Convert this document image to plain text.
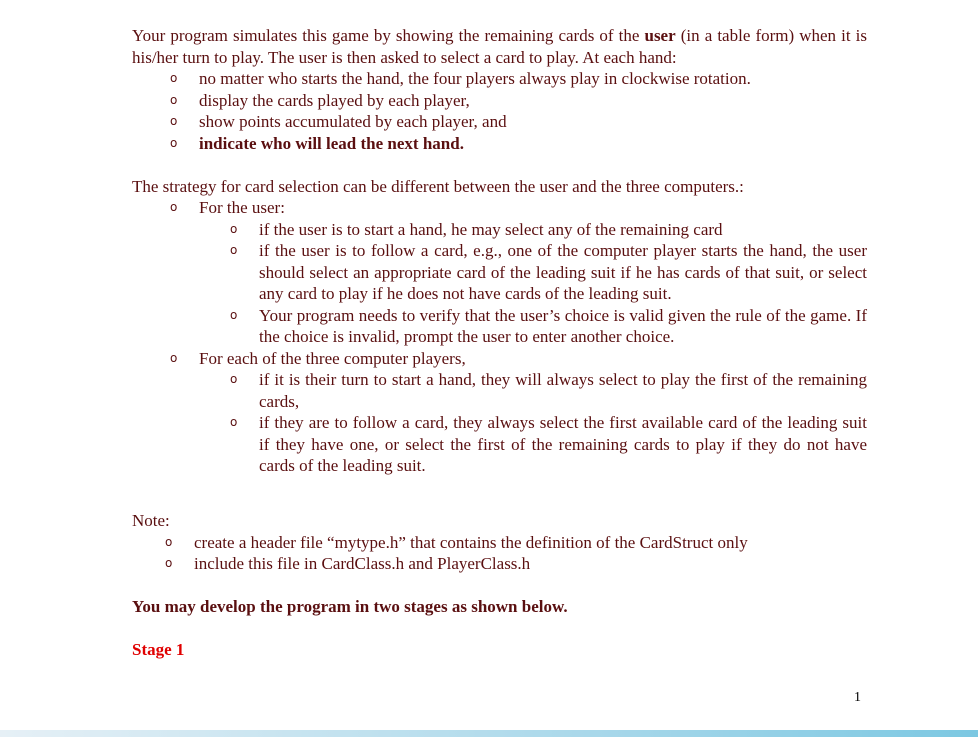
Your program simulates this game by showing the remaining cards of the user (in a table form) when it is his/her turn to play. The user is then asked to select a card to play. At each hand:

o no matter who starts the hand, the four players always play in clockwise rotation.
o display the cards played by each player,
o show points accumulated by each player, and
o indicate who will lead the next hand.

The strategy for card selection can be different between the user and the three computers.:

o For the user:
o if the user is to start a hand, he may select any of the remaining card
o if the user is to follow a card, e.g., one of the computer player starts the hand, the user should select an appropriate card of the leading suit if he has cards of that suit, or select any card to play if he does not have cards of the leading suit.
o Your program needs to verify that the user’s choice is valid given the rule of the game. If the choice is invalid, prompt the user to enter another choice.
o For each of the three computer players,
o if it is their turn to start a hand, they will always select to play the first of the remaining cards,
o if they are to follow a card, they always select the first available card of the leading suit if they have one, or select the first of the remaining cards to play if they do not have cards of the leading suit.

Note:

o create a header file “mytype.h” that contains the definition of the CardStruct only
o include this file in CardClass.h and PlayerClass.h

You may develop the program in two stages as shown below.

Stage 1

1
